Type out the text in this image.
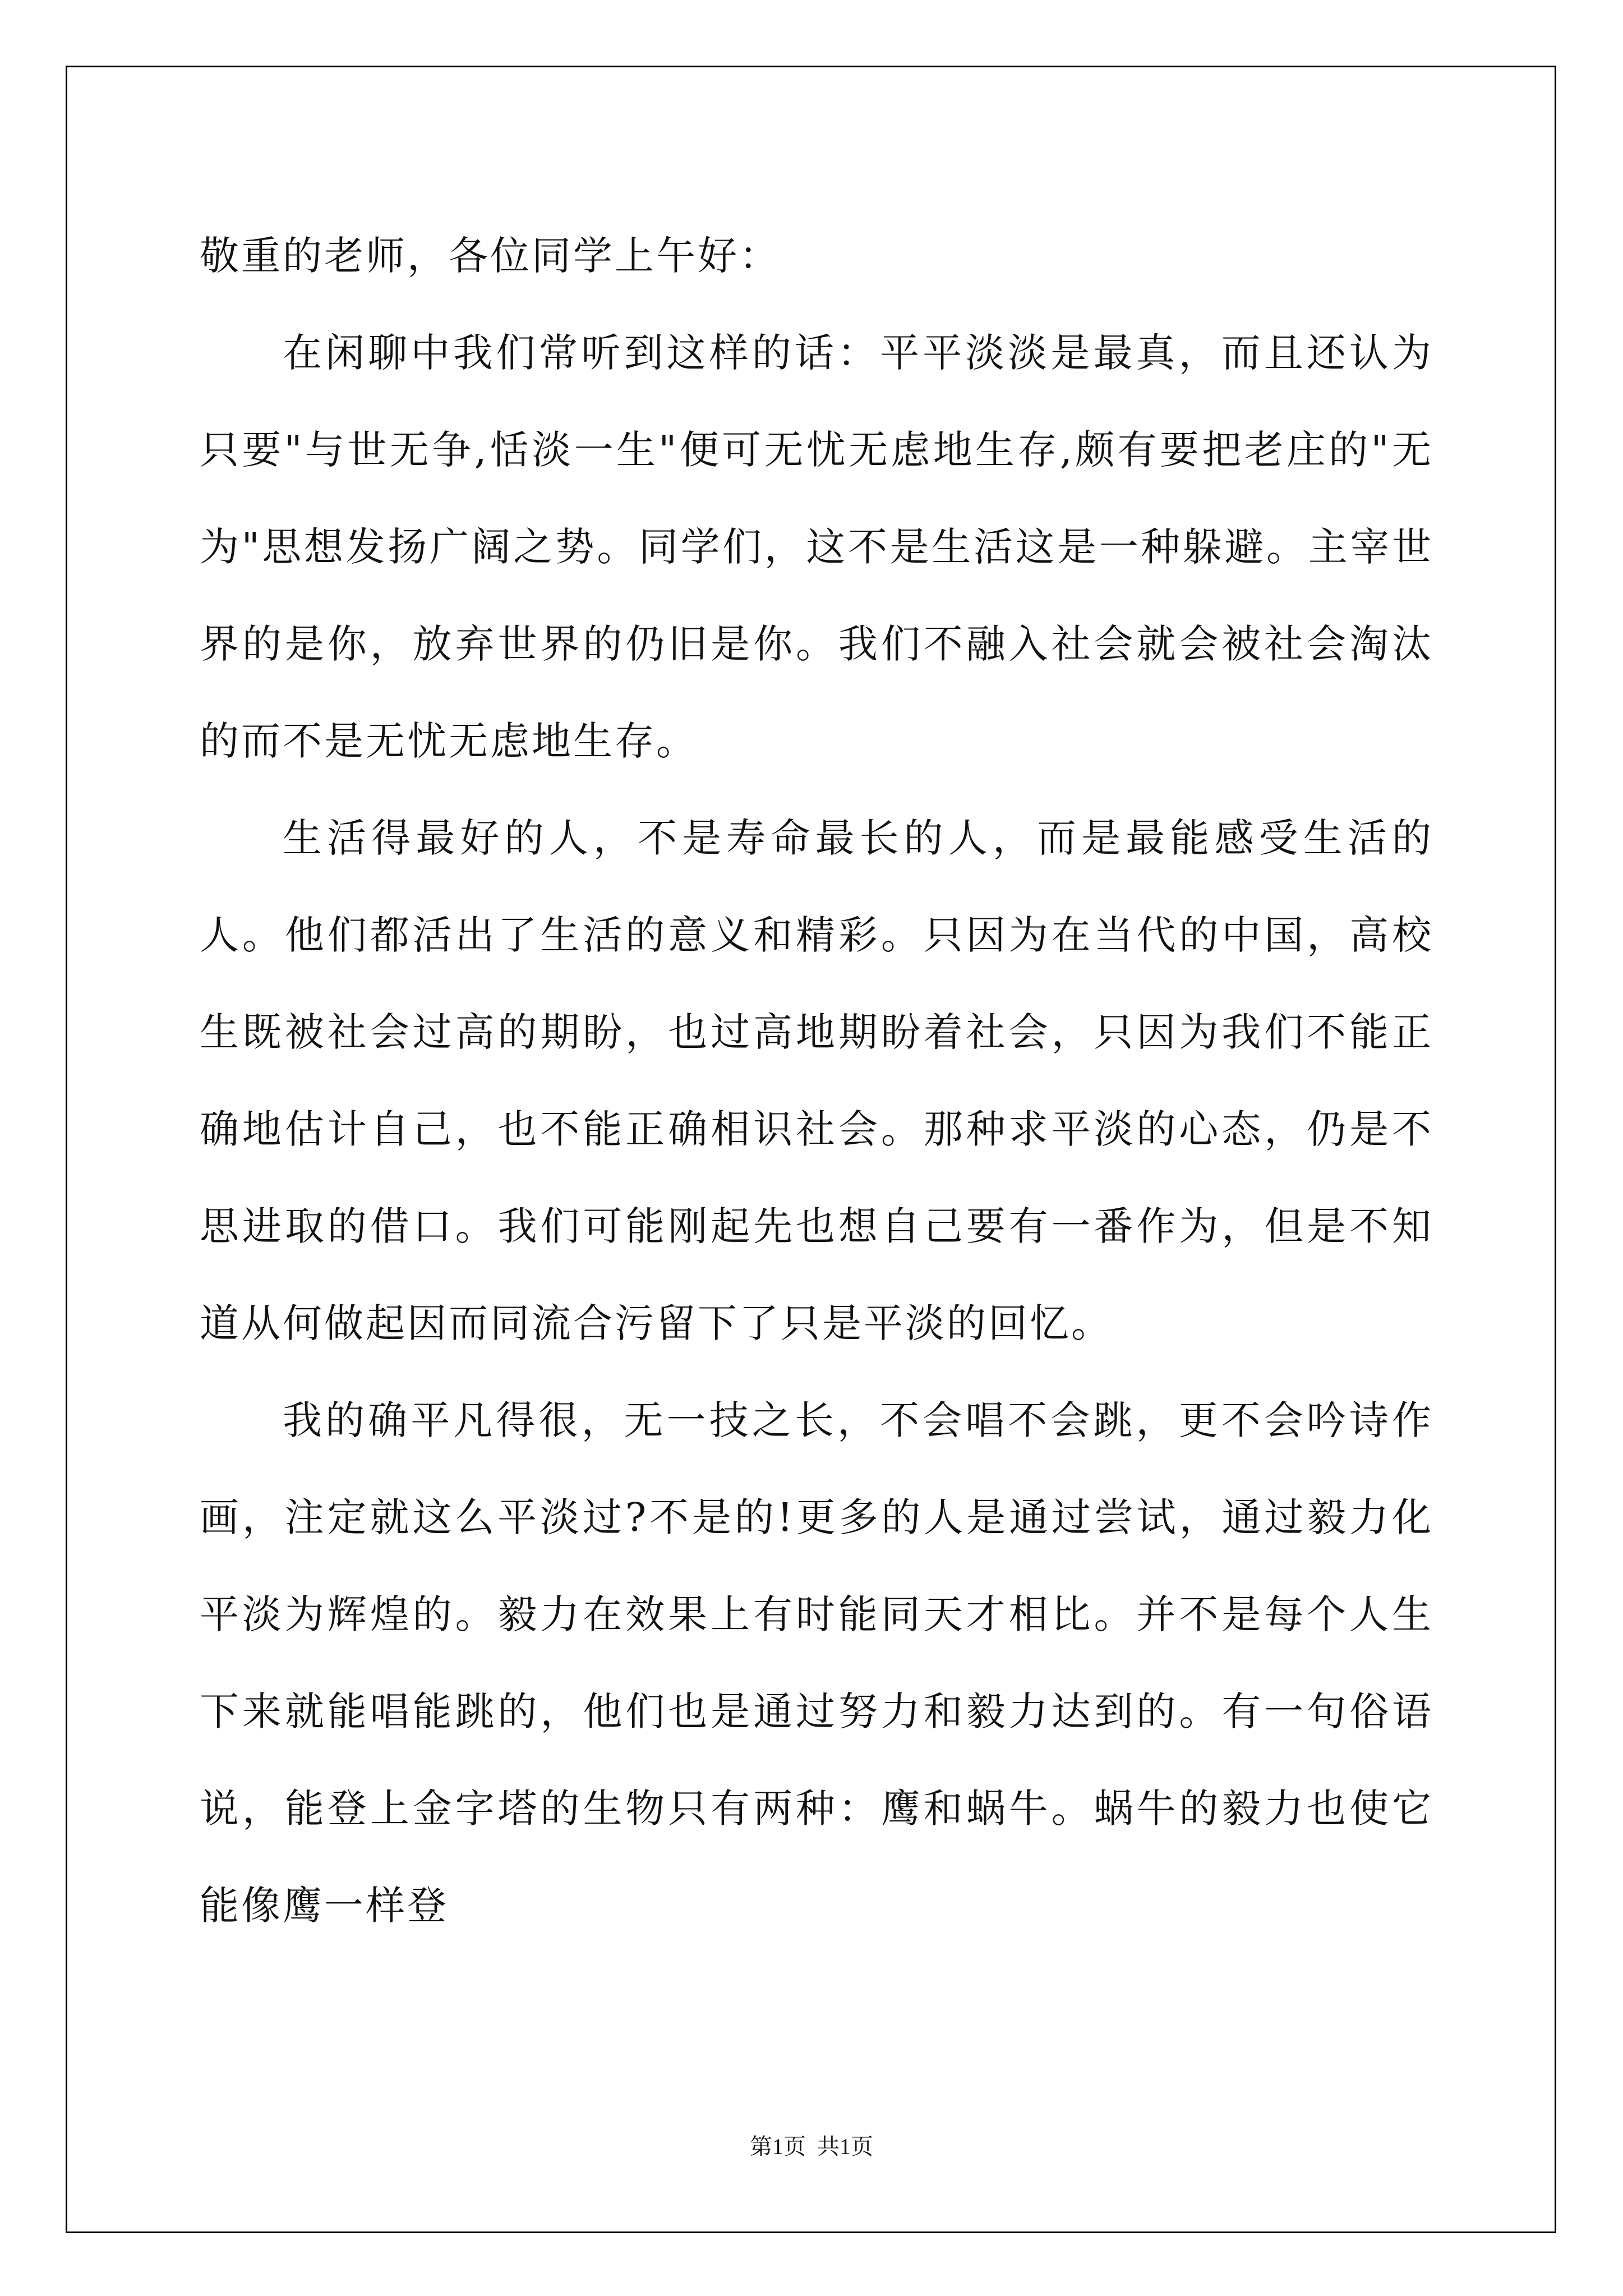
敬重的老师，各位同学上午好：

在闲聊中我们常听到这样的话：平平淡淡是最真，而且还认为只要"与世无争,恬淡一生"便可无忧无虑地生存,颇有要把老庄的"无为"思想发扬广阔之势。同学们，这不是生活这是一种躲避。主宰世界的是你，放弃世界的仍旧是你。我们不融入社会就会被社会淘汰的而不是无忧无虑地生存。

生活得最好的人，不是寿命最长的人，而是最能感受生活的人。他们都活出了生活的意义和精彩。只因为在当代的中国，高校生既被社会过高的期盼，也过高地期盼着社会，只因为我们不能正确地估计自己，也不能正确相识社会。那种求平淡的心态，仍是不思进取的借口。我们可能刚起先也想自己要有一番作为，但是不知道从何做起因而同流合污留下了只是平淡的回忆。

我的确平凡得很，无一技之长，不会唱不会跳，更不会吟诗作画，注定就这么平淡过?不是的!更多的人是通过尝试，通过毅力化平淡为辉煌的。毅力在效果上有时能同天才相比。并不是每个人生下来就能唱能跳的，他们也是通过努力和毅力达到的。有一句俗语说，能登上金字塔的生物只有两种：鹰和蜗牛。蜗牛的毅力也使它能像鹰一样登

第1页 共1页
